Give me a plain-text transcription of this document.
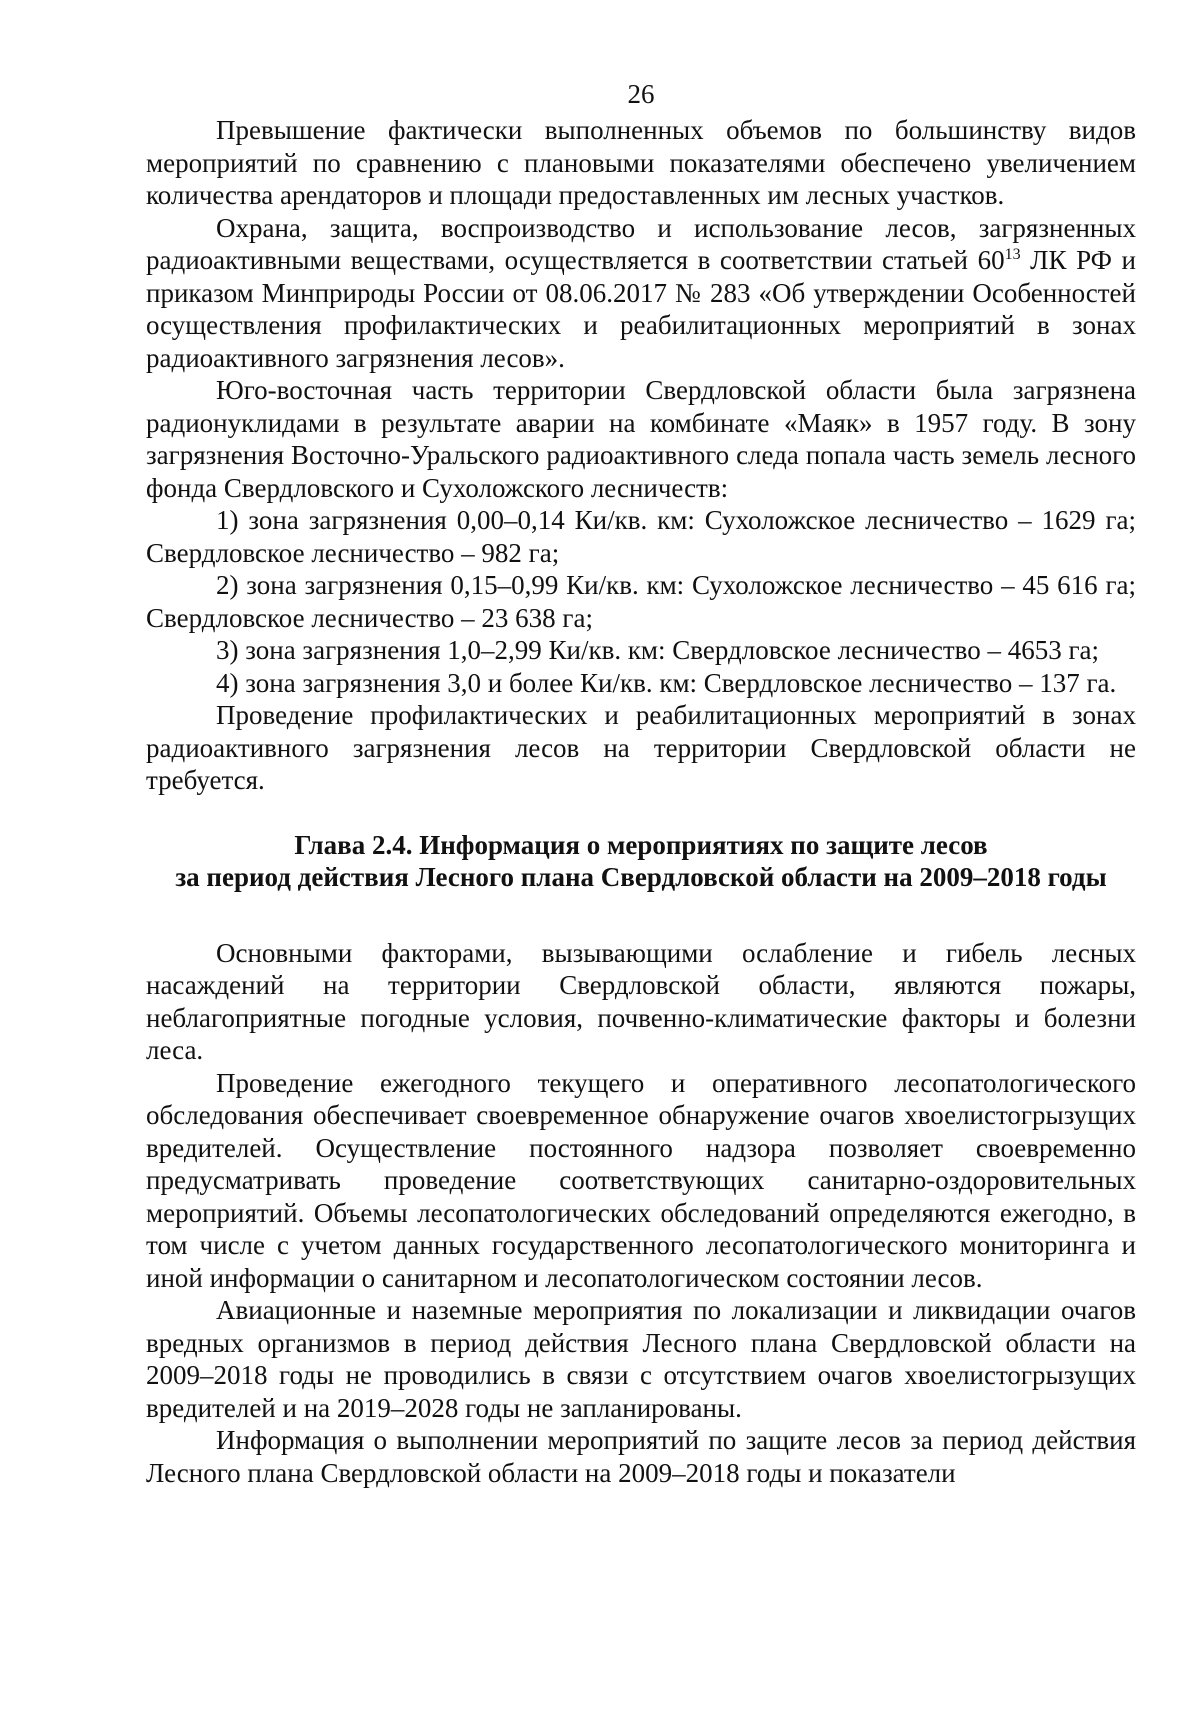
26

Превышение фактически выполненных объемов по большинству видов мероприятий по сравнению с плановыми показателями обеспечено увеличением количества арендаторов и площади предоставленных им лесных участков.

Охрана, защита, воспроизводство и использование лесов, загрязненных радиоактивными веществами, осуществляется в соответствии статьей $60^{13}$ ЛК РФ и приказом Минприроды России от 08.06.2017 № 283 «Об утверждении Особенностей осуществления профилактических и реабилитационных мероприятий в зонах радиоактивного загрязнения лесов».

Юго-восточная часть территории Свердловской области была загрязнена радионуклидами в результате аварии на комбинате «Маяк» в 1957 году. В зону загрязнения Восточно-Уральского радиоактивного следа попала часть земель лесного фонда Свердловского и Сухоложского лесничеств:

1) зона загрязнения 0,00–0,14 Ки/кв. км: Сухоложское лесничество – 1629 га; Свердловское лесничество – 982 га;

2) зона загрязнения 0,15–0,99 Ки/кв. км: Сухоложское лесничество – 45 616 га; Свердловское лесничество – 23 638 га;

3) зона загрязнения 1,0–2,99 Ки/кв. км: Свердловское лесничество – 4653 га;

4) зона загрязнения 3,0 и более Ки/кв. км: Свердловское лесничество – 137 га.

Проведение профилактических и реабилитационных мероприятий в зонах радиоактивного загрязнения лесов на территории Свердловской области не требуется.

Глава 2.4. Информация о мероприятиях по защите лесов
за период действия Лесного плана Свердловской области на 2009–2018 годы

Основными факторами, вызывающими ослабление и гибель лесных насаждений на территории Свердловской области, являются пожары, неблагоприятные погодные условия, почвенно-климатические факторы и болезни леса.

Проведение ежегодного текущего и оперативного лесопатологического обследования обеспечивает своевременное обнаружение очагов хвоелистогрызущих вредителей. Осуществление постоянного надзора позволяет своевременно предусматривать проведение соответствующих санитарно-оздоровительных мероприятий. Объемы лесопатологических обследований определяются ежегодно, в том числе с учетом данных государственного лесопатологического мониторинга и иной информации о санитарном и лесопатологическом состоянии лесов.

Авиационные и наземные мероприятия по локализации и ликвидации очагов вредных организмов в период действия Лесного плана Свердловской области на 2009–2018 годы не проводились в связи с отсутствием очагов хвоелистогрызущих вредителей и на 2019–2028 годы не запланированы.

Информация о выполнении мероприятий по защите лесов за период действия Лесного плана Свердловской области на 2009–2018 годы и показатели
